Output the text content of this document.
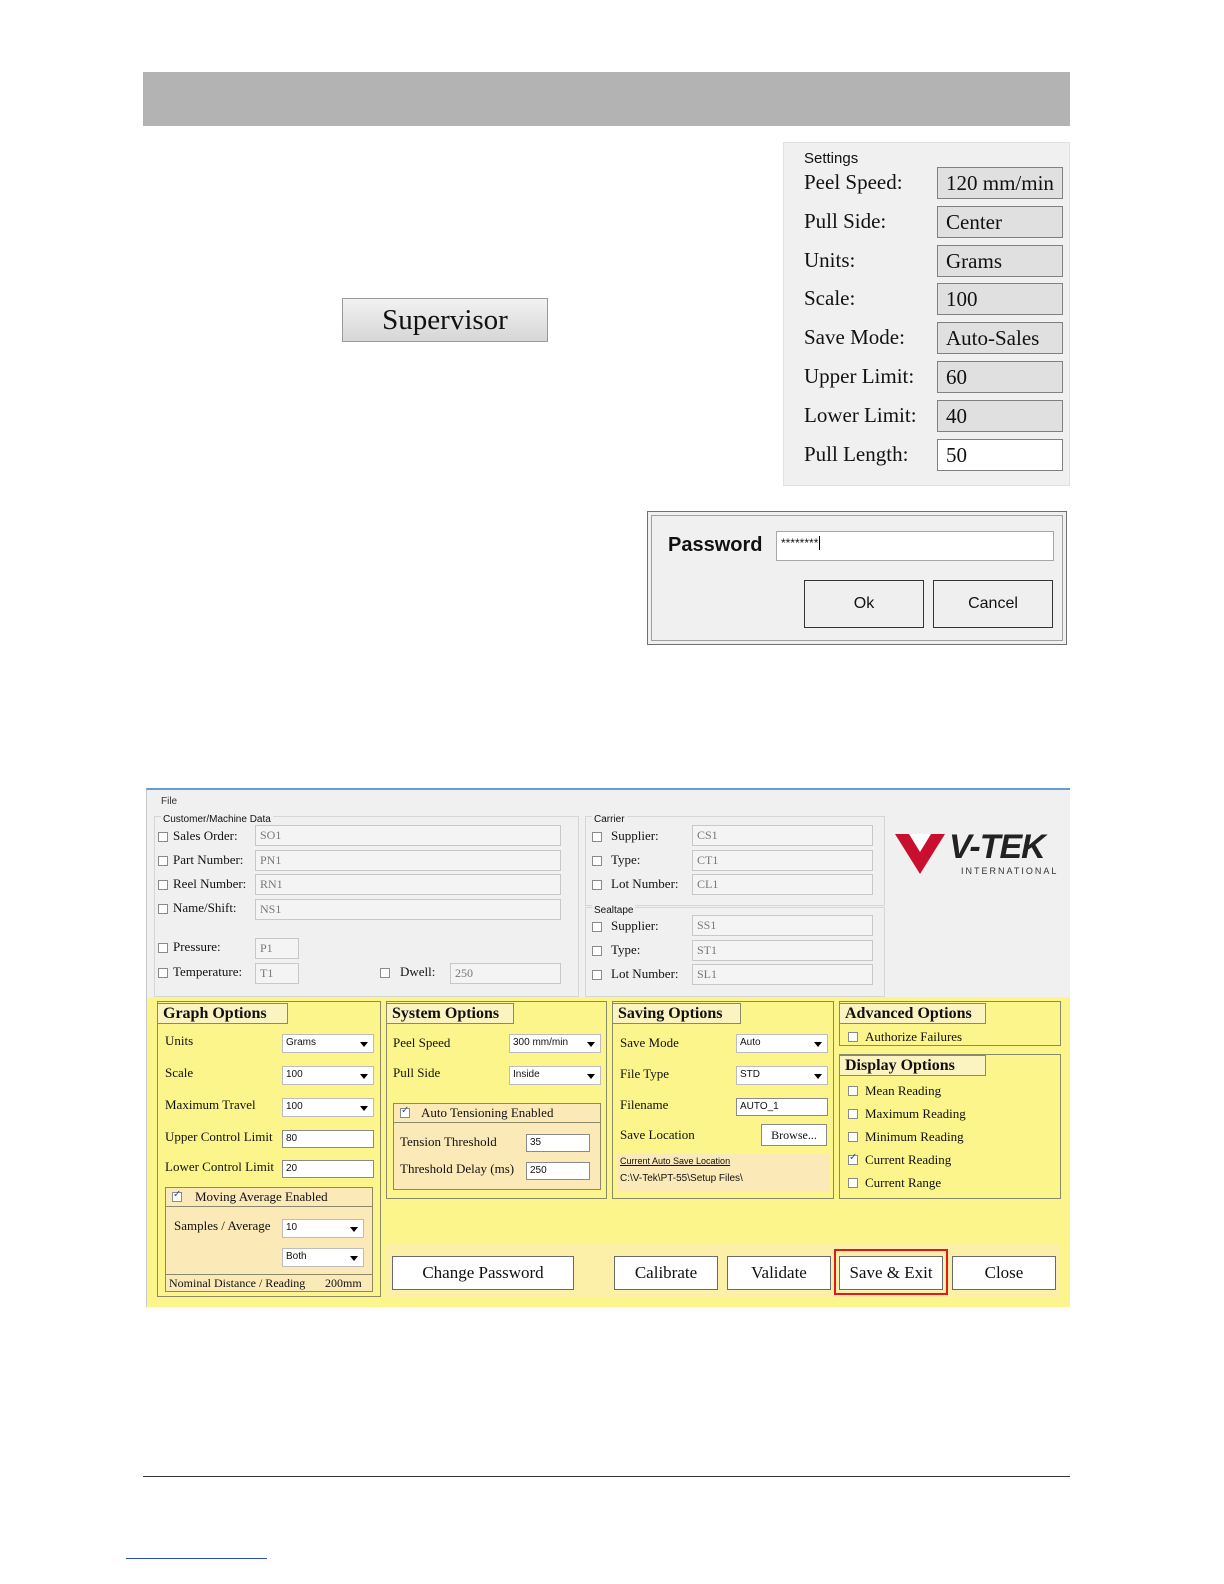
Supervisor
Settings
Peel Speed:	120 mm/min
Pull Side:	Center
Units:	Grams
Scale:	100
Save Mode:	Auto-Sales
Upper Limit:	60
Lower Limit:	40
Pull Length:	50
Password	********
Ok	Cancel
File
Customer/Machine Data
Sales Order:	SO1
Part Number:	PN1
Reel Number:	RN1
Name/Shift:	NS1
Pressure:	P1
Temperature:	T1	Dwell:	250
Carrier
Supplier:	CS1
Type:	CT1
Lot Number:	CL1
Sealtape
Supplier:	SS1
Type:	ST1
Lot Number:	SL1
V-TEK
INTERNATIONAL
Graph Options
Units	Grams
Scale	100
Maximum Travel	100
Upper Control Limit	80
Lower Control Limit	20
✓
Moving Average Enabled
Samples / Average	10
Both
Nominal Distance / Reading 200mm
System Options
Peel Speed	300 mm/min
Pull Side	Inside
✓
Auto Tensioning Enabled
Tension Threshold	35
Threshold Delay (ms)	250
Saving Options
Save Mode	Auto
File Type	STD
Filename	AUTO_1
Save Location	Browse...
Current Auto Save Location
C:\V-Tek\PT-55\Setup Files\
Advanced Options
Authorize Failures
Display Options
Mean Reading
Maximum Reading
Minimum Reading
✓
Current Reading
Current Range
Change Password	Calibrate	Validate	Save & Exit	Close
